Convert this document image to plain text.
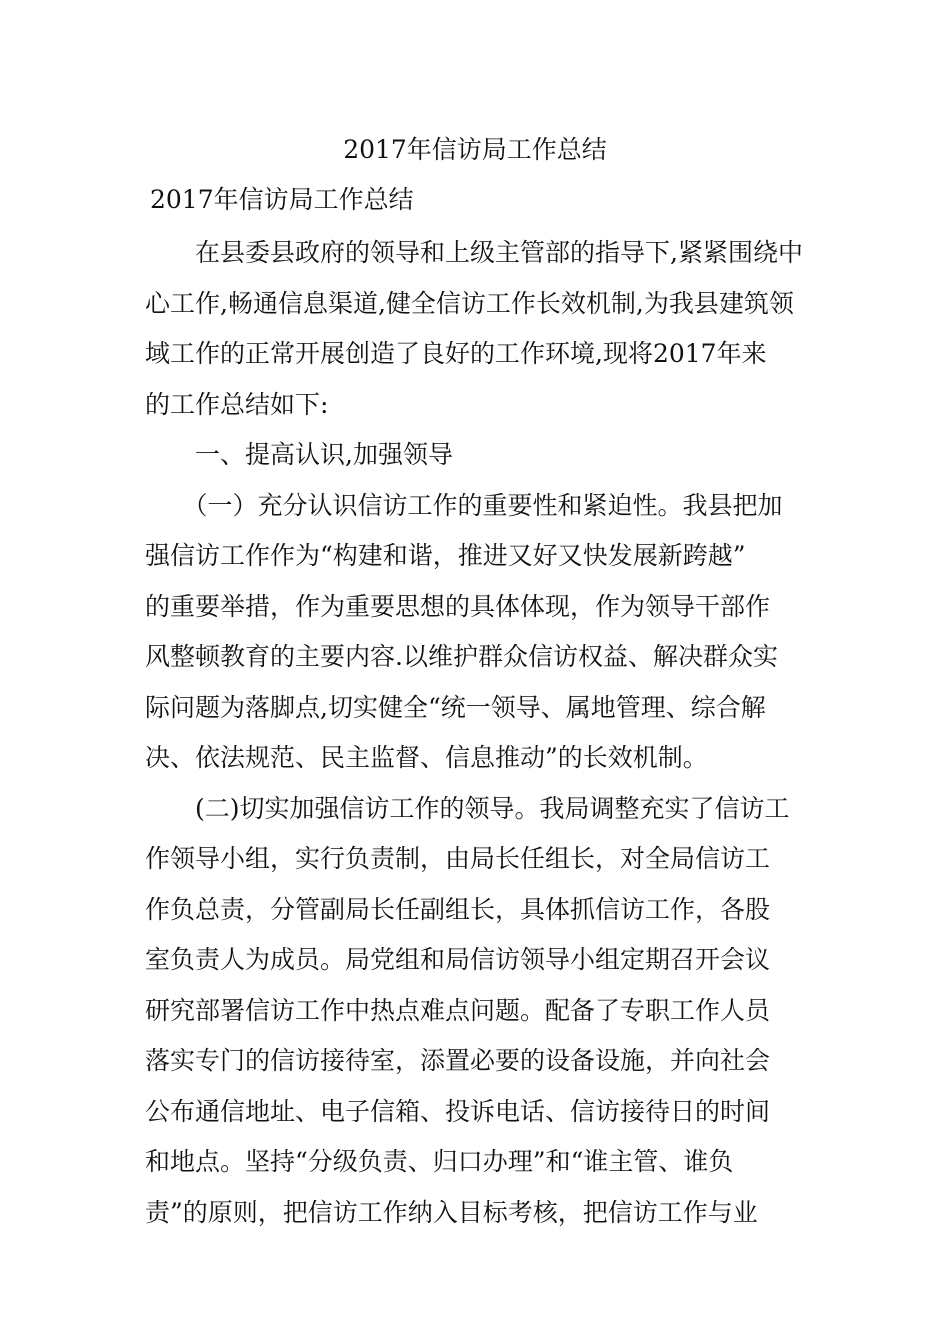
2017年信访局工作总结
2017年信访局工作总结
　　在县委县政府的领导和上级主管部的指导下,紧紧围绕中
心工作,畅通信息渠道,健全信访工作长效机制,为我县建筑领
域工作的正常开展创造了良好的工作环境,现将2017年来
的工作总结如下:
　　一、提高认识,加强领导
　　（一）充分认识信访工作的重要性和紧迫性。我县把加
强信访工作作为“构建和谐，推进又好又快发展新跨越”
的重要举措，作为重要思想的具体体现，作为领导干部作
风整顿教育的主要内容.以维护群众信访权益、解决群众实
际问题为落脚点,切实健全“统一领导、属地管理、综合解
决、依法规范、民主监督、信息推动”的长效机制。
　　(二)切实加强信访工作的领导。我局调整充实了信访工
作领导小组，实行负责制，由局长任组长，对全局信访工
作负总责，分管副局长任副组长，具体抓信访工作，各股
室负责人为成员。局党组和局信访领导小组定期召开会议
研究部署信访工作中热点难点问题。配备了专职工作人员
落实专门的信访接待室，添置必要的设备设施，并向社会
公布通信地址、电子信箱、投诉电话、信访接待日的时间
和地点。坚持“分级负责、归口办理”和“谁主管、谁负
责”的原则，把信访工作纳入目标考核，把信访工作与业
